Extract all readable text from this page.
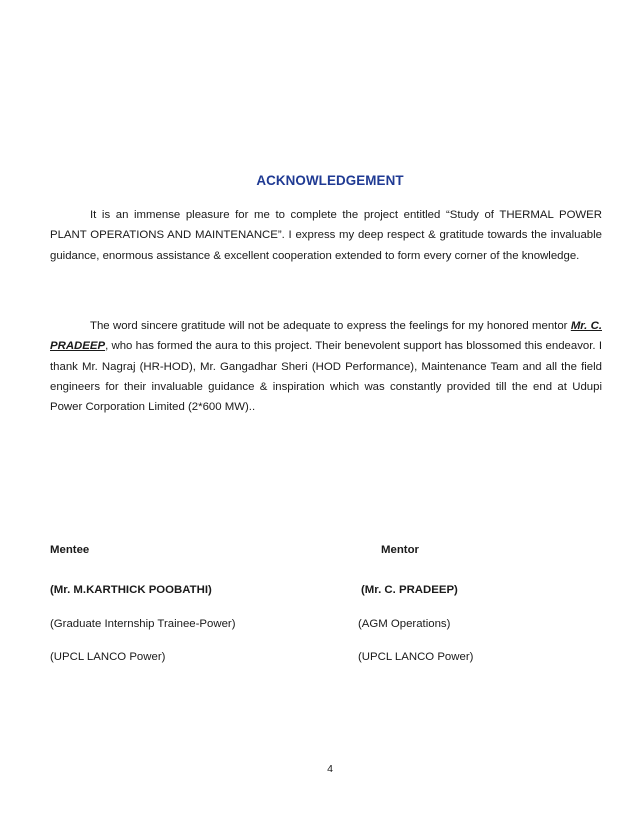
ACKNOWLEDGEMENT

It is an immense pleasure for me to complete the project entitled “Study of THERMAL POWER PLANT OPERATIONS AND MAINTENANCE”. I express my deep respect & gratitude towards the invaluable guidance, enormous assistance & excellent cooperation extended to form every corner of the knowledge.

The word sincere gratitude will not be adequate to express the feelings for my honored mentor Mr. C. PRADEEP, who has formed the aura to this project. Their benevolent support has blossomed this endeavor. I thank Mr. Nagraj (HR-HOD), Mr. Gangadhar Sheri (HOD Performance), Maintenance Team and all the field engineers for their invaluable guidance & inspiration which was constantly provided till the end at Udupi Power Corporation Limited (2*600 MW)..

Mentee	Mentor
(Mr. M.KARTHICK POOBATHI)	(Mr. C. PRADEEP)
(Graduate Internship Trainee-Power)	(AGM Operations)
(UPCL LANCO Power)	(UPCL LANCO Power)
4
